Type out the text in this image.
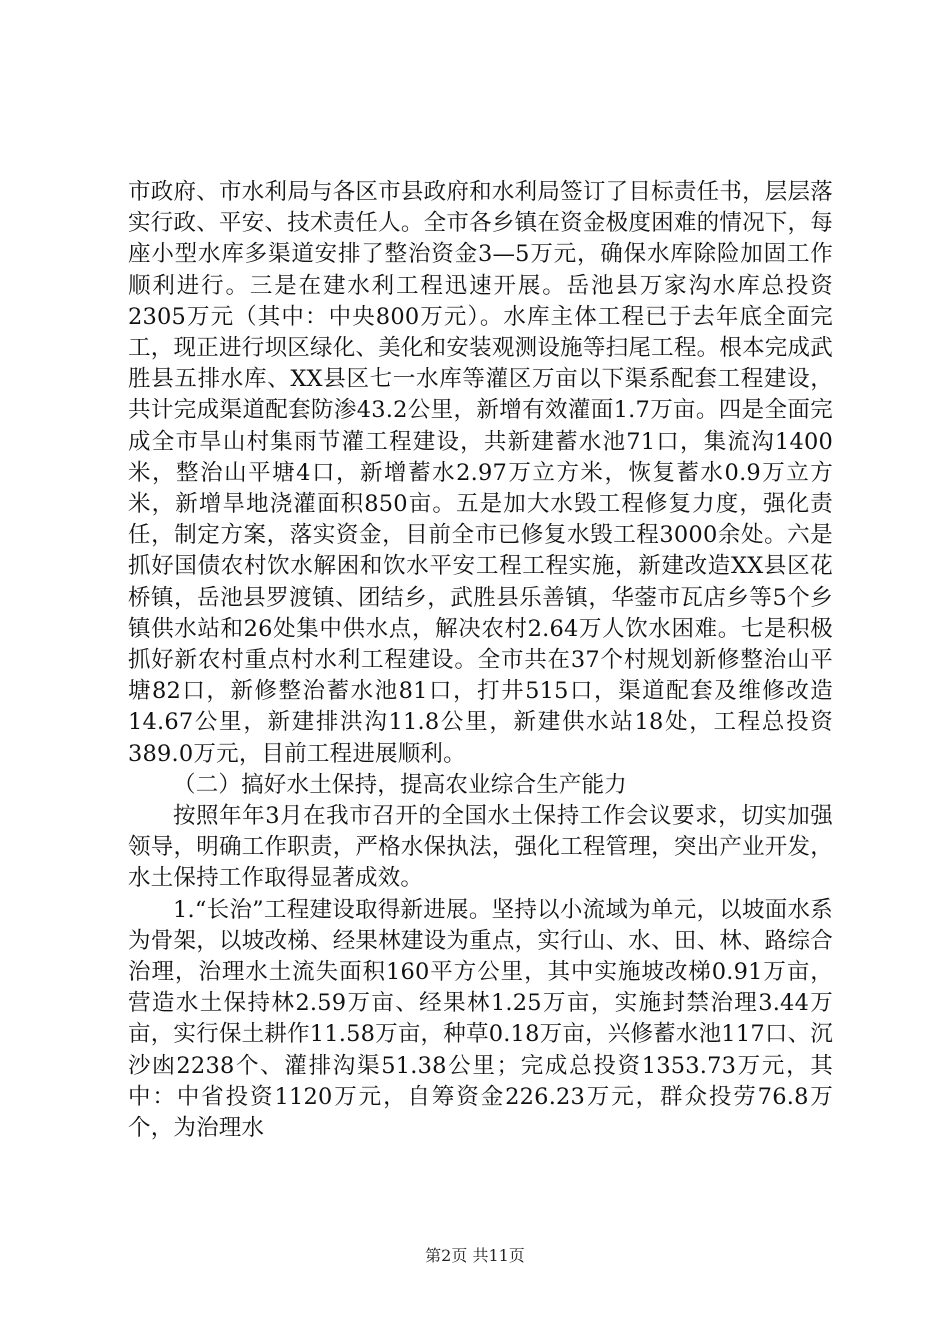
市政府、市水利局与各区市县政府和水利局签订了目标责任书，层层落实行政、平安、技术责任人。全市各乡镇在资金极度困难的情况下，每座小型水库多渠道安排了整治资金3—5万元，确保水库除险加固工作顺利进行。三是在建水利工程迅速开展。岳池县万家沟水库总投资2305万元（其中：中央800万元）。水库主体工程已于去年底全面完工，现正进行坝区绿化、美化和安装观测设施等扫尾工程。根本完成武胜县五排水库、XX县区七一水库等灌区万亩以下渠系配套工程建设，共计完成渠道配套防渗43.2公里，新增有效灌面1.7万亩。四是全面完成全市旱山村集雨节灌工程建设，共新建蓄水池71口，集流沟1400米，整治山平塘4口，新增蓄水2.97万立方米，恢复蓄水0.9万立方米，新增旱地浇灌面积850亩。五是加大水毁工程修复力度，强化责任，制定方案，落实资金，目前全市已修复水毁工程3000余处。六是抓好国债农村饮水解困和饮水平安工程工程实施，新建改造XX县区花桥镇，岳池县罗渡镇、团结乡，武胜县乐善镇，华蓥市瓦店乡等5个乡镇供水站和26处集中供水点，解决农村2.64万人饮水困难。七是积极抓好新农村重点村水利工程建设。全市共在37个村规划新修整治山平塘82口，新修整治蓄水池81口，打井515口，渠道配套及维修改造14.67公里，新建排洪沟11.8公里，新建供水站18处，工程总投资389.0万元，目前工程进展顺利。

（二）搞好水土保持，提高农业综合生产能力

按照年年3月在我市召开的全国水土保持工作会议要求，切实加强领导，明确工作职责，严格水保执法，强化工程管理，突出产业开发，水土保持工作取得显著成效。

1.“长治”工程建设取得新进展。坚持以小流域为单元，以坡面水系为骨架，以坡改梯、经果林建设为重点，实行山、水、田、林、路综合治理，治理水土流失面积160平方公里，其中实施坡改梯0.91万亩，营造水土保持林2.59万亩、经果林1.25万亩，实施封禁治理3.44万亩，实行保土耕作11.58万亩，种草0.18万亩，兴修蓄水池117口、沉沙凼2238个、灌排沟渠51.38公里；完成总投资1353.73万元，其中：中省投资1120万元，自筹资金226.23万元，群众投劳76.8万个，为治理水

第2页 共11页
